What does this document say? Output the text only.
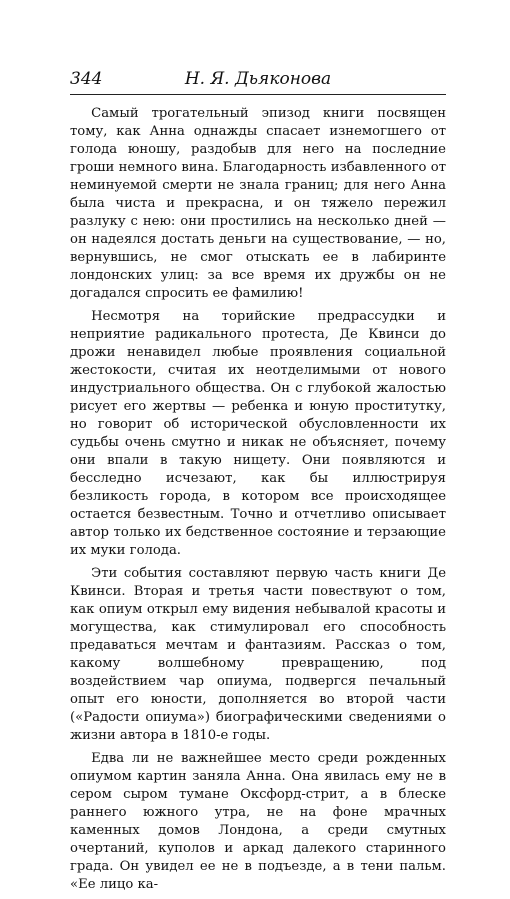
344	Н. Я. Дьяконова

Самый трогательный эпизод книги посвящен тому, как Анна однажды спасает изнемогшего от голода юношу, раздобыв для него на последние гроши немного вина. Благодарность избавленного от неминуемой смерти не знала границ; для него Анна была чиста и прекрасна, и он тяжело пережил разлуку с нею: они простились на несколько дней — он надеялся достать деньги на существование, — но, вернувшись, не смог отыскать ее в лабиринте лондонских улиц: за все время их дружбы он не догадался спросить ее фамилию!

Несмотря на торийские предрассудки и неприятие радикального протеста, Де Квинси до дрожи ненавидел любые проявления социальной жестокости, считая их неотделимыми от нового индустриального общества. Он с глубокой жалостью рисует его жертвы — ребенка и юную проститутку, но говорит об исторической обусловленности их судьбы очень смутно и никак не объясняет, почему они впали в такую нищету. Они появляются и бесследно исчезают, как бы иллюстрируя безликость города, в котором все происходящее остается безвестным. Точно и отчетливо описывает автор только их бедственное состояние и терзающие их муки голода.

Эти события составляют первую часть книги Де Квинси. Вторая и третья части повествуют о том, как опиум открыл ему видения небывалой красоты и могущества, как стимулировал его способность предаваться мечтам и фантазиям. Рассказ о том, какому волшебному превращению, под воздействием чар опиума, подвергся печальный опыт его юности, дополняется во второй части («Радости опиума») биографическими сведениями о жизни автора в 1810-е годы.

Едва ли не важнейшее место среди рожденных опиумом картин заняла Анна. Она явилась ему не в сером сыром тумане Оксфорд-стрит, а в блеске раннего южного утра, не на фоне мрачных каменных домов Лондона, а среди смутных очертаний, куполов и аркад далекого старинного града. Он увидел ее не в подъезде, а в тени пальм. «Ее лицо ка-
